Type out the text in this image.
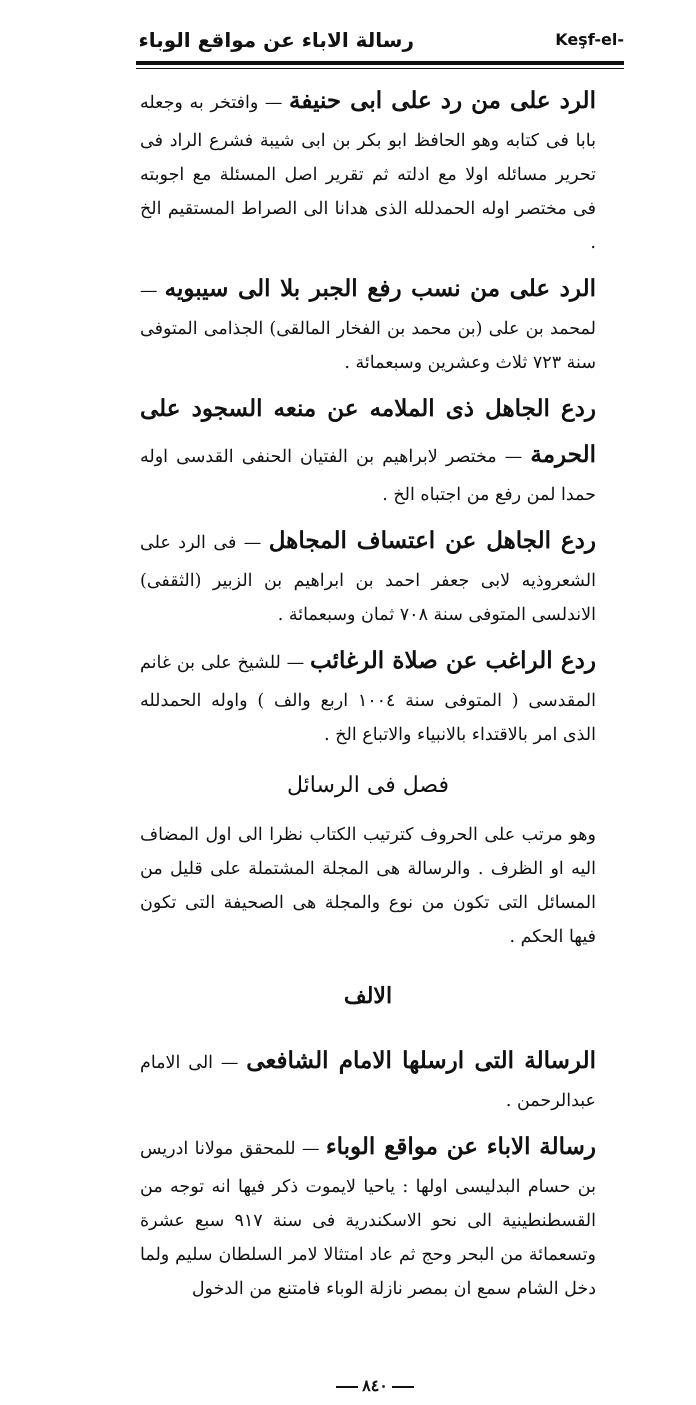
رسالة الاباء عن مواقع الوباء	Keşf-el-

الرد على من رد على ابى حنيفة — وافتخر به وجعله بابا فى كتابه وهو الحافظ ابو بكر بن ابى شيبة فشرع الراد فى تحرير مسائله اولا مع ادلته ثم تقرير اصل المسئلة مع اجوبته فى مختصر اوله الحمدلله الذى هدانا الى الصراط المستقيم الخ .

الرد على من نسب رفع الجبر بلا الى سيبويه — لمحمد بن على (بن محمد بن الفخار المالقى) الجذامى المتوفى سنة ٧٢٣ ثلاث وعشرين وسبعمائة .

ردع الجاهل ذى الملامه عن منعه السجود على الحرمة — مختصر لابراهيم بن الفتيان الحنفى القدسى اوله حمدا لمن رفع من اجتباه الخ .

ردع الجاهل عن اعتساف المجاهل — فى الرد على الشعروذيه لابى جعفر احمد بن ابراهيم بن الزبير (الثقفى) الاندلسى المتوفى سنة ٧٠٨ ثمان وسبعمائة .

ردع الراغب عن صلاة الرغائب — للشيخ على بن غانم المقدسى ( المتوفى سنة ١٠٠٤ اربع والف ) واوله الحمدلله الذى امر بالاقتداء بالانبياء والاتباع الخ .

فصل فى الرسائل

وهو مرتب على الحروف كترتيب الكتاب نظرا الى اول المضاف اليه او الظرف . والرسالة هى المجلة المشتملة على قليل من المسائل التى تكون من نوع والمجلة هى الصحيفة التى تكون فيها الحكم .

الالف

الرسالة التى ارسلها الامام الشافعى — الى الامام عبدالرحمن .

رسالة الاباء عن مواقع الوباء — للمحقق مولانا ادريس بن حسام البدليسى اولها : ياحيا لايموت ذكر فيها انه توجه من القسطنطينية الى نحو الاسكندرية فى سنة ٩١٧ سبع عشرة وتسعمائة من البحر وحج ثم عاد امتثالا لامر السلطان سليم ولما دخل الشام سمع ان بمصر نازلة الوباء فامتنع من الدخول

٨٤٠
